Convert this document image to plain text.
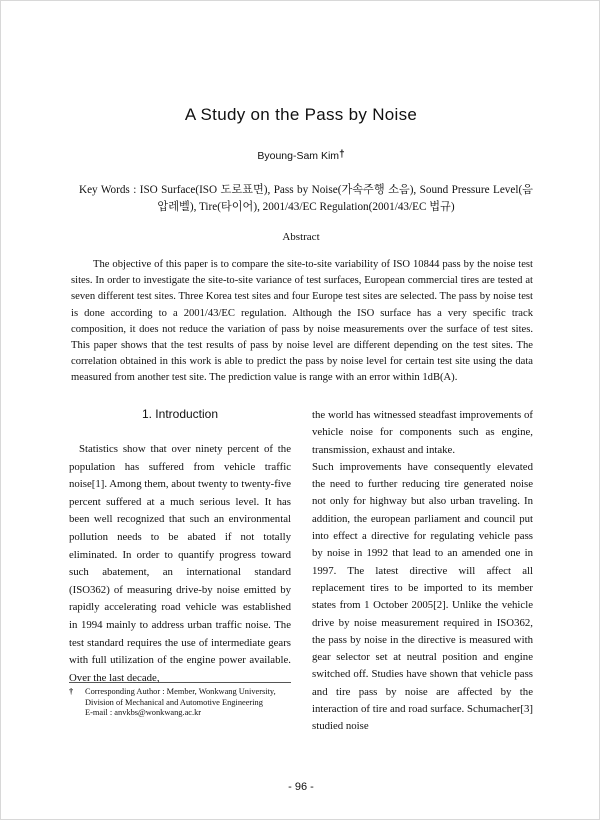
A Study on the Pass by Noise
Byoung-Sam Kim†
Key Words : ISO Surface(ISO 도로표면), Pass by Noise(가속주행 소음), Sound Pressure Level(음압레벨), Tire(타이어), 2001/43/EC Regulation(2001/43/EC 법규)
Abstract
The objective of this paper is to compare the site-to-site variability of ISO 10844 pass by the noise test sites. In order to investigate the site-to-site variance of test surfaces, European commercial tires are tested at seven different test sites. Three Korea test sites and four Europe test sites are selected. The pass by noise test is done according to a 2001/43/EC regulation. Although the ISO surface has a very specific track composition, it does not reduce the variation of pass by noise measurements over the surface of test sites. This paper shows that the test results of pass by noise level are different depending on the test sites. The correlation obtained in this work is able to predict the pass by noise level for certain test site using the data measured from another test site. The prediction value is range with an error within 1dB(A).
1. Introduction
Statistics show that over ninety percent of the population has suffered from vehicle traffic noise[1]. Among them, about twenty to twenty-five percent suffered at a much serious level. It has been well recognized that such an environmental pollution needs to be abated if not totally eliminated. In order to quantify progress toward such abatement, an international standard (ISO362) of measuring drive-by noise emitted by rapidly accelerating road vehicle was established in 1994 mainly to address urban traffic noise. The test standard requires the use of intermediate gears with full utilization of the engine power available. Over the last decade,

the world has witnessed steadfast improvements of vehicle noise for components such as engine, transmission, exhaust and intake.

Such improvements have consequently elevated the need to further reducing tire generated noise not only for highway but also urban traveling. In addition, the european parliament and council put into effect a directive for regulating vehicle pass by noise in 1992 that lead to an amended one in 1997. The latest directive will affect all replacement tires to be imported to its member states from 1 October 2005[2]. Unlike the vehicle drive by noise measurement required in ISO362, the pass by noise in the directive is measured with gear selector set at neutral position and engine switched off. Studies have shown that vehicle pass and tire pass by noise are affected by the interaction of tire and road surface. Schumacher[3] studied noise

† Corresponding Author : Member, Wonkwang University,
Division of Mechanical and Automotive Engineering
E-mail : anvkbs@wonkwang.ac.kr
- 96 -
